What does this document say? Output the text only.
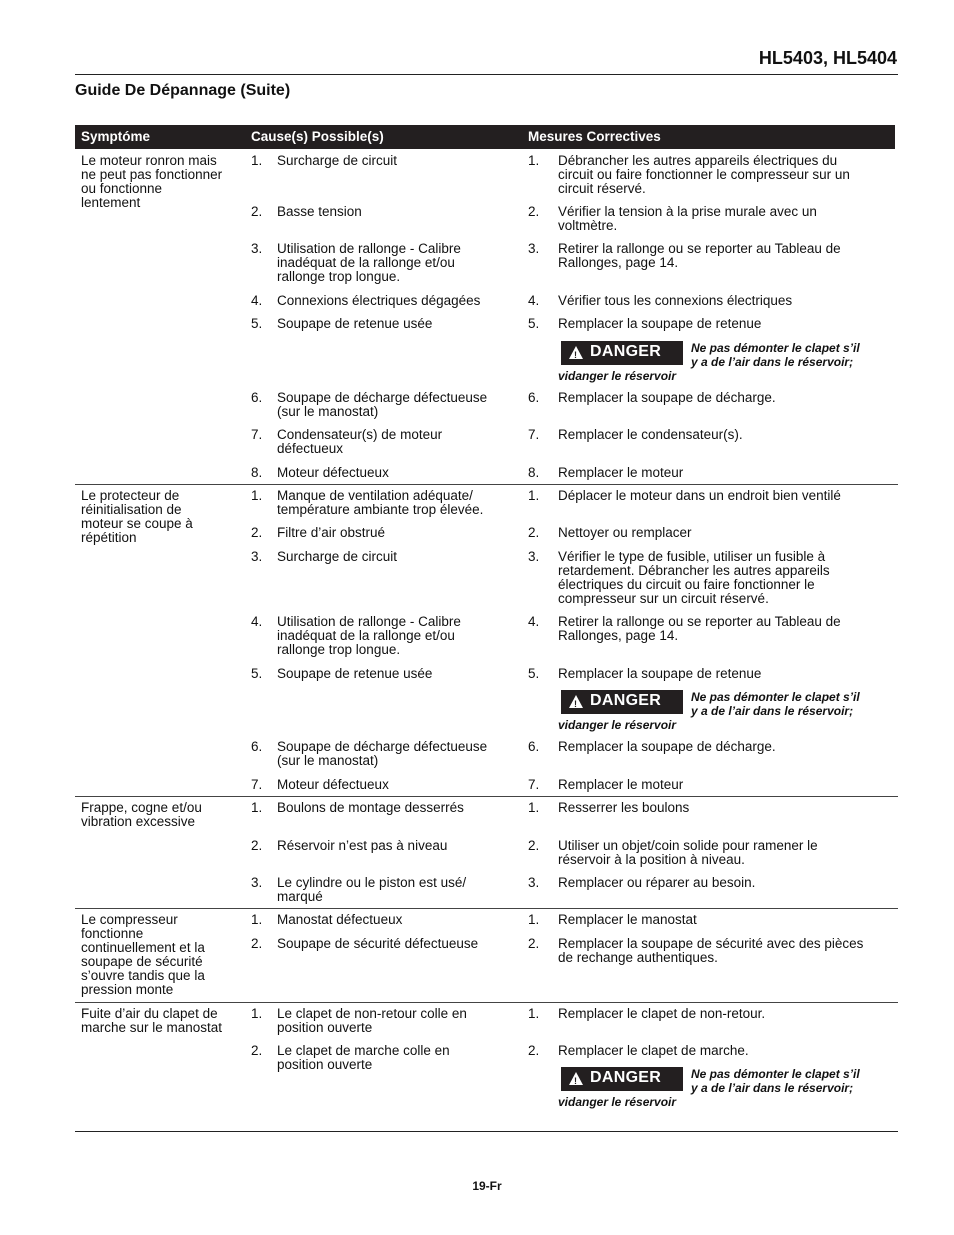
HL5403, HL5404
Guide De Dépannage (Suite)
Symptóme	Cause(s) Possible(s)	Mesures Correctives
Le moteur ronron mais
ne peut pas fonctionner
ou fonctionne
lentement
1. Surcharge de circuit	1. Débrancher les autres appareils électriques du
circuit ou faire fonctionner le compresseur sur un
circuit réservé.
2. Basse tension	2. Vérifier la tension à la prise murale avec un
voltmètre.
3. Utilisation de rallonge - Calibre
inadéquat de la rallonge et/ou
rallonge trop longue.
3. Retirer la rallonge ou se reporter au Tableau de
Rallonges, page 14.
4. Connexions électriques dégagées	4. Vérifier tous les connexions électriques
5. Soupape de retenue usée	5. Remplacer la soupape de retenue
6. Soupape de décharge défectueuse
(sur le manostat)
6. Remplacer la soupape de décharge.
7. Condensateur(s) de moteur
défectueux
7. Remplacer le condensateur(s).
8. Moteur défectueux	8. Remplacer le moteur
! DANGER Ne pas démonter le clapet s’il
y a de l’air dans le réservoir;
vidanger le réservoir
Le protecteur de
réinitialisation de
moteur se coupe à
répétition
1. Manque de ventilation adéquate/
température ambiante trop élevée.
1. Déplacer le moteur dans un endroit bien ventilé
2. Filtre d’air obstrué	2. Nettoyer ou remplacer
3. Surcharge de circuit	3. Vérifier le type de fusible, utiliser un fusible à
retardement. Débrancher les autres appareils
électriques du circuit ou faire fonctionner le
compresseur sur un circuit réservé.
4. Utilisation de rallonge - Calibre
inadéquat de la rallonge et/ou
rallonge trop longue.
4. Retirer la rallonge ou se reporter au Tableau de
Rallonges, page 14.
5. Soupape de retenue usée	5. Remplacer la soupape de retenue
6. Soupape de décharge défectueuse
(sur le manostat)
6. Remplacer la soupape de décharge.
7. Moteur défectueux	7. Remplacer le moteur
! DANGER Ne pas démonter le clapet s’il
y a de l’air dans le réservoir;
vidanger le réservoir
Frappe, cogne et/ou
vibration excessive
1. Boulons de montage desserrés	1. Resserrer les boulons
2. Réservoir n’est pas à niveau	2. Utiliser un objet/coin solide pour ramener le
réservoir à la position à niveau.
3. Le cylindre ou le piston est usé/
marqué
3. Remplacer ou réparer au besoin.
Le compresseur
fonctionne
continuellement et la
soupape de sécurité
s’ouvre tandis que la
pression monte
1. Manostat défectueux	1. Remplacer le manostat
2. Soupape de sécurité défectueuse	2. Remplacer la soupape de sécurité avec des pièces
de rechange authentiques.
Fuite d’air du clapet de
marche sur le manostat
1. Le clapet de non-retour colle en
position ouverte
1. Remplacer le clapet de non-retour.
2. Le clapet de marche colle en
position ouverte
2. Remplacer le clapet de marche.
! DANGER Ne pas démonter le clapet s’il
y a de l’air dans le réservoir;
vidanger le réservoir
19-Fr
